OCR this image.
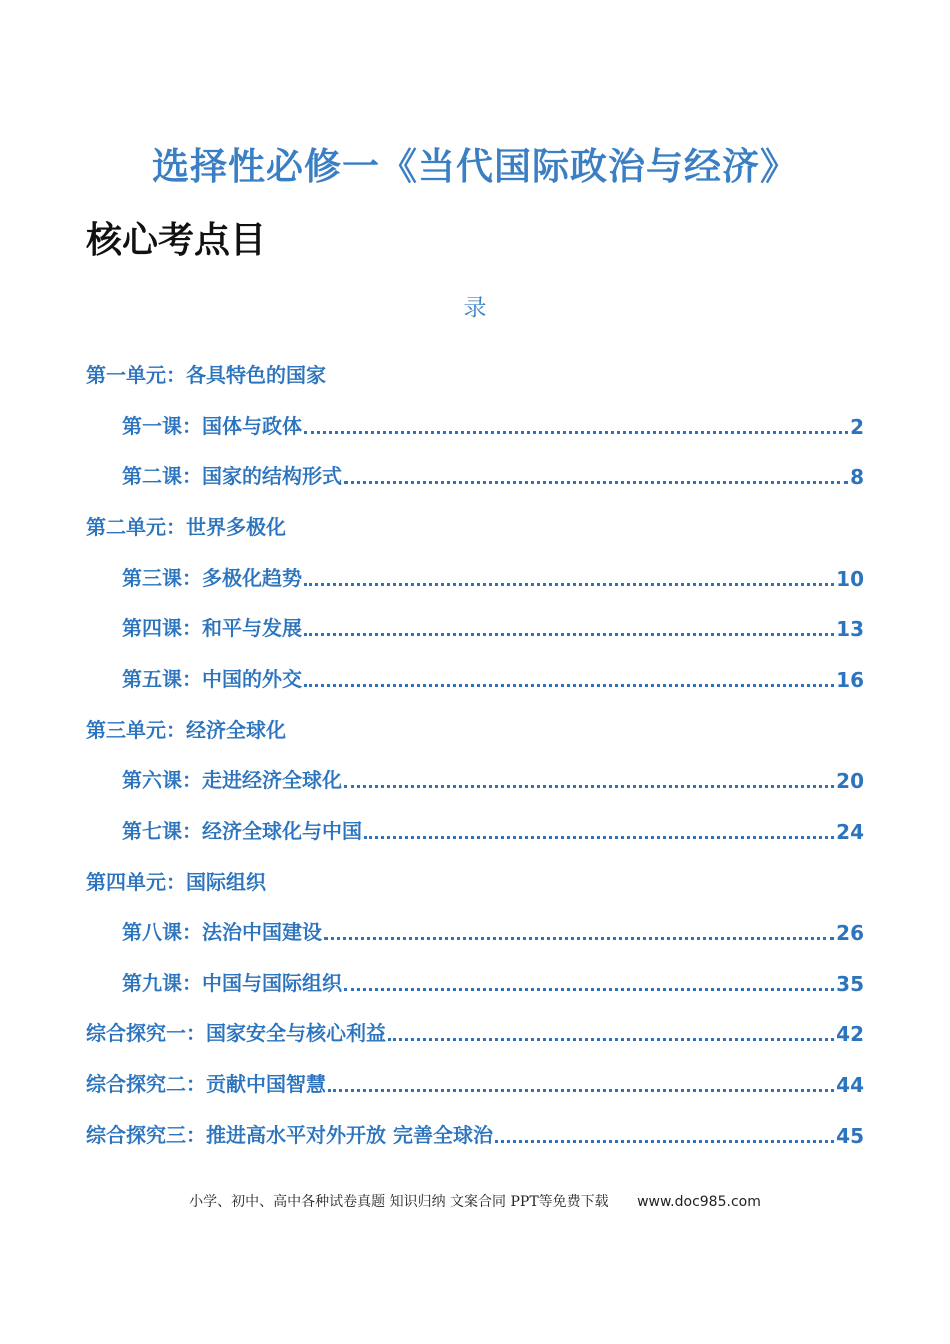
选择性必修一《当代国际政治与经济》
核心考点目
录
第一单元：各具特色的国家
第一课：国体与政体	2
第二课：国家的结构形式	8
第二单元：世界多极化
第三课：多极化趋势	10
第四课：和平与发展	13
第五课：中国的外交	16
第三单元：经济全球化
第六课：走进经济全球化	20
第七课：经济全球化与中国	24
第四单元：国际组织
第八课：法治中国建设	26
第九课：中国与国际组织	35
综合探究一：国家安全与核心利益	42
综合探究二：贡献中国智慧	44
综合探究三：推进高水平对外开放 完善全球治	45
小学、初中、高中各种试卷真题 知识归纳 文案合同 PPT等免费下载 www.doc985.com
